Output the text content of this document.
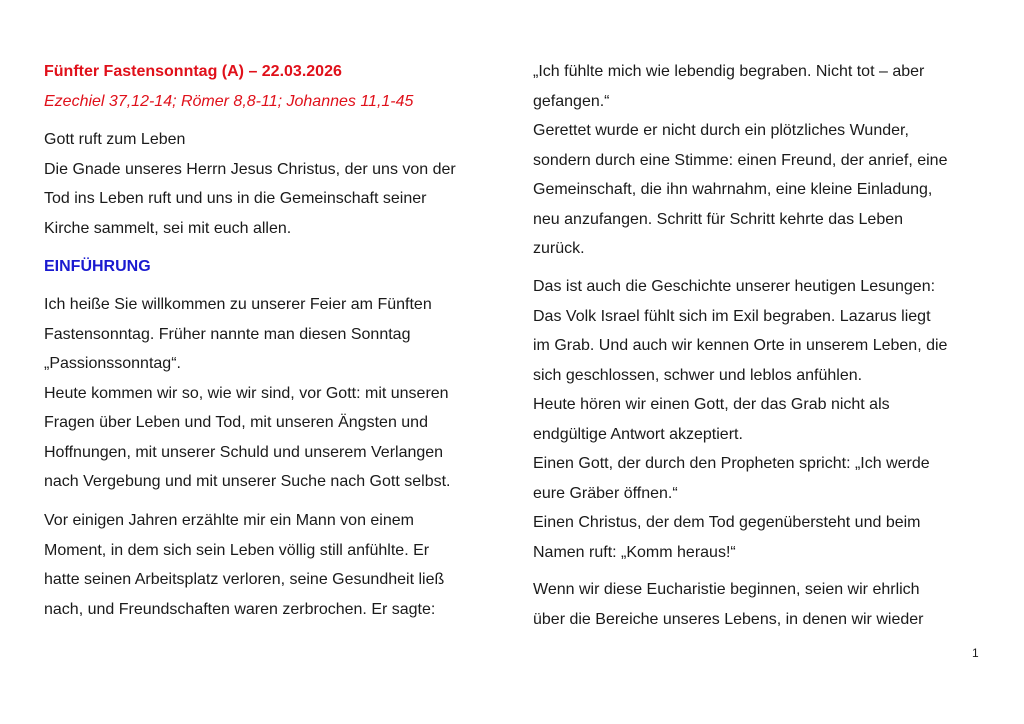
Fünfter Fastensonntag (A) – 22.03.2026
Ezechiel 37,12-14; Römer 8,8-11; Johannes 11,1-45
Gott ruft zum Leben
Die Gnade unseres Herrn Jesus Christus, der uns von der
Tod ins Leben ruft und uns in die Gemeinschaft seiner
Kirche sammelt, sei mit euch allen.
EINFÜHRUNG
Ich heiße Sie willkommen zu unserer Feier am Fünften
Fastensonntag. Früher nannte man diesen Sonntag
„Passionssonntag“.
Heute kommen wir so, wie wir sind, vor Gott: mit unseren
Fragen über Leben und Tod, mit unseren Ängsten und
Hoffnungen, mit unserer Schuld und unserem Verlangen
nach Vergebung und mit unserer Suche nach Gott selbst.
Vor einigen Jahren erzählte mir ein Mann von einem
Moment, in dem sich sein Leben völlig still anfühlte. Er
hatte seinen Arbeitsplatz verloren, seine Gesundheit ließ
nach, und Freundschaften waren zerbrochen. Er sagte:
„Ich fühlte mich wie lebendig begraben. Nicht tot – aber
gefangen.“
Gerettet wurde er nicht durch ein plötzliches Wunder,
sondern durch eine Stimme: einen Freund, der anrief, eine
Gemeinschaft, die ihn wahrnahm, eine kleine Einladung,
neu anzufangen. Schritt für Schritt kehrte das Leben
zurück.
Das ist auch die Geschichte unserer heutigen Lesungen:
Das Volk Israel fühlt sich im Exil begraben. Lazarus liegt
im Grab. Und auch wir kennen Orte in unserem Leben, die
sich geschlossen, schwer und leblos anfühlen.
Heute hören wir einen Gott, der das Grab nicht als
endgültige Antwort akzeptiert.
Einen Gott, der durch den Propheten spricht: „Ich werde
eure Gräber öffnen.“
Einen Christus, der dem Tod gegenübersteht und beim
Namen ruft: „Komm heraus!“
Wenn wir diese Eucharistie beginnen, seien wir ehrlich
über die Bereiche unseres Lebens, in denen wir wieder
1
